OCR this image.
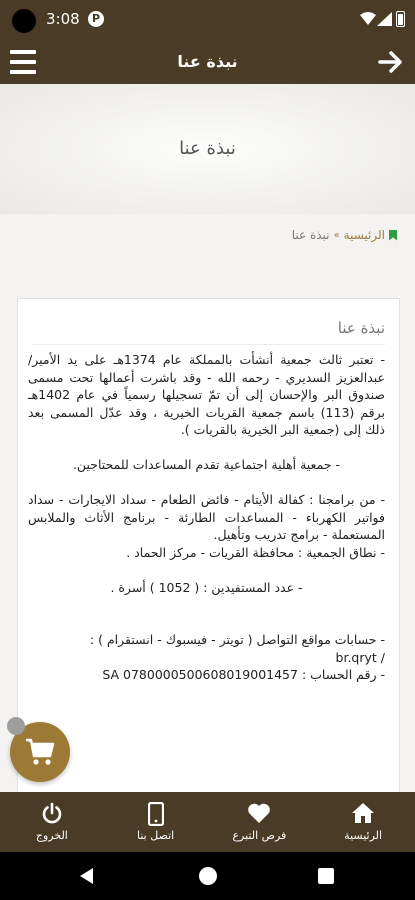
3:08	P
نبذة عنا
نبذة عنا
الرئيسية
»
نبذة عنا
نبذة عنا

- تعتبر ثالث جمعية أنشأت بالمملكة عام 1374هـ على يد الأمير/عبدالعزيز السديري - رحمه الله - وقد باشرت أعمالها تحت مسمى صندوق البر والإحسان إلى أن تمّ تسجيلها رسمياً في عام 1402هـ برقم (113) باسم جمعية القريات الخيرية ، وقد عدّل المسمى بعد ذلك إلى (جمعية البر الخيرية بالقريات ).

- جمعية أهلية اجتماعية تقدم المساعدات للمحتاجين.

- من برامجنا : كفالة الأيتام - فائض الطعام - سداد الايجارات - سداد فواتير الكهرباء - المساعدات الطارئة - برنامج الأثاث والملابس المستعملة - برامج تدريب وتأهيل.

- نطاق الجمعية : محافظة القريات - مركز الحماد .

- عدد المستفيدين : ( 1052 ) أسرة .

- حسابات مواقع التواصل ( تويتر - فيسبوك - انستقرام ) :

br.qryt /

- رقم الحساب : SA 0780000500608019001457

الخروج	اتصل بنا	فرص التبرع	الرئيسية
